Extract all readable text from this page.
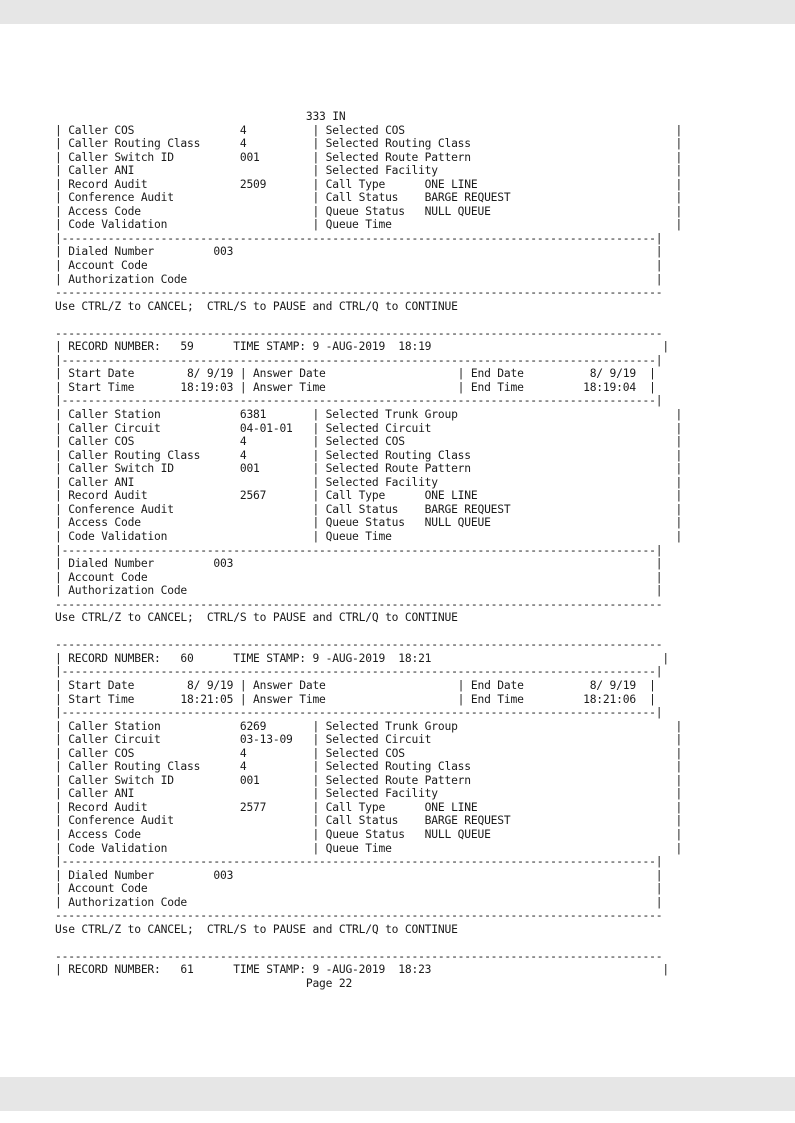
333 IN
| Caller COS                4          | Selected COS                                         |
| Caller Routing Class      4          | Selected Routing Class                               |
| Caller Switch ID          001        | Selected Route Pattern                               |
| Caller ANI                           | Selected Facility                                    |
| Record Audit              2509       | Call Type      ONE LINE                              |
| Conference Audit                     | Call Status    BARGE REQUEST                         |
| Access Code                          | Queue Status   NULL QUEUE                            |
| Code Validation                      | Queue Time                                           |
|------------------------------------------------------------------------------------------|
| Dialed Number         003                                                                |
| Account Code                                                                             |
| Authorization Code                                                                       |
--------------------------------------------------------------------------------------------
Use CTRL/Z to CANCEL;  CTRL/S to PAUSE and CTRL/Q to CONTINUE

--------------------------------------------------------------------------------------------
| RECORD NUMBER:   59      TIME STAMP: 9 -AUG-2019  18:19                                   |
|------------------------------------------------------------------------------------------|
| Start Date        8/ 9/19 | Answer Date                    | End Date          8/ 9/19  |
| Start Time       18:19:03 | Answer Time                    | End Time         18:19:04  |
|------------------------------------------------------------------------------------------|
| Caller Station            6381       | Selected Trunk Group                                 |
| Caller Circuit            04-01-01   | Selected Circuit                                     |
| Caller COS                4          | Selected COS                                         |
| Caller Routing Class      4          | Selected Routing Class                               |
| Caller Switch ID          001        | Selected Route Pattern                               |
| Caller ANI                           | Selected Facility                                    |
| Record Audit              2567       | Call Type      ONE LINE                              |
| Conference Audit                     | Call Status    BARGE REQUEST                         |
| Access Code                          | Queue Status   NULL QUEUE                            |
| Code Validation                      | Queue Time                                           |
|------------------------------------------------------------------------------------------|
| Dialed Number         003                                                                |
| Account Code                                                                             |
| Authorization Code                                                                       |
--------------------------------------------------------------------------------------------
Use CTRL/Z to CANCEL;  CTRL/S to PAUSE and CTRL/Q to CONTINUE

--------------------------------------------------------------------------------------------
| RECORD NUMBER:   60      TIME STAMP: 9 -AUG-2019  18:21                                   |
|------------------------------------------------------------------------------------------|
| Start Date        8/ 9/19 | Answer Date                    | End Date          8/ 9/19  |
| Start Time       18:21:05 | Answer Time                    | End Time         18:21:06  |
|------------------------------------------------------------------------------------------|
| Caller Station            6269       | Selected Trunk Group                                 |
| Caller Circuit            03-13-09   | Selected Circuit                                     |
| Caller COS                4          | Selected COS                                         |
| Caller Routing Class      4          | Selected Routing Class                               |
| Caller Switch ID          001        | Selected Route Pattern                               |
| Caller ANI                           | Selected Facility                                    |
| Record Audit              2577       | Call Type      ONE LINE                              |
| Conference Audit                     | Call Status    BARGE REQUEST                         |
| Access Code                          | Queue Status   NULL QUEUE                            |
| Code Validation                      | Queue Time                                           |
|------------------------------------------------------------------------------------------|
| Dialed Number         003                                                                |
| Account Code                                                                             |
| Authorization Code                                                                       |
--------------------------------------------------------------------------------------------
Use CTRL/Z to CANCEL;  CTRL/S to PAUSE and CTRL/Q to CONTINUE

--------------------------------------------------------------------------------------------
| RECORD NUMBER:   61      TIME STAMP: 9 -AUG-2019  18:23                                   |
Page 22
